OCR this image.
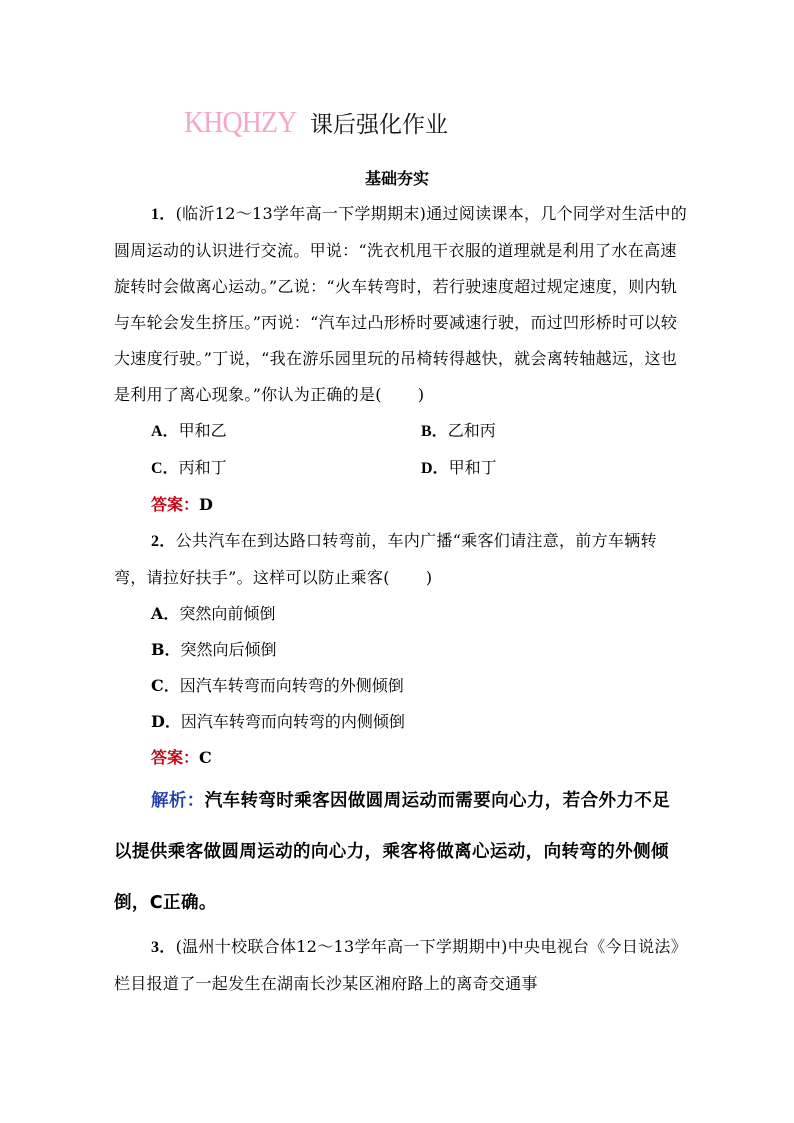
KHQHZY 课后强化作业
基础夯实

1．(临沂12～13学年高一下学期期末)通过阅读课本，几个同学对生活中的圆周运动的认识进行交流。甲说：“洗衣机甩干衣服的道理就是利用了水在高速旋转时会做离心运动。”乙说：“火车转弯时，若行驶速度超过规定速度，则内轨与车轮会发生挤压。”丙说：“汽车过凸形桥时要减速行驶，而过凹形桥时可以较大速度行驶。”丁说，“我在游乐园里玩的吊椅转得越快，就会离转轴越远，这也是利用了离心现象。”你认为正确的是( )

A．甲和乙	B．乙和丙
C．丙和丁	D．甲和丁
答案：D

2．公共汽车在到达路口转弯前，车内广播“乘客们请注意，前方车辆转弯，请拉好扶手”。这样可以防止乘客( )

A．突然向前倾倒
B．突然向后倾倒
C．因汽车转弯而向转弯的外侧倾倒
D．因汽车转弯而向转弯的内侧倾倒
答案：C

解析：汽车转弯时乘客因做圆周运动而需要向心力，若合外力不足以提供乘客做圆周运动的向心力，乘客将做离心运动，向转弯的外侧倾倒，C正确。

3．(温州十校联合体12～13学年高一下学期期中)中央电视台《今日说法》栏目报道了一起发生在湖南长沙某区湘府路上的离奇交通事
